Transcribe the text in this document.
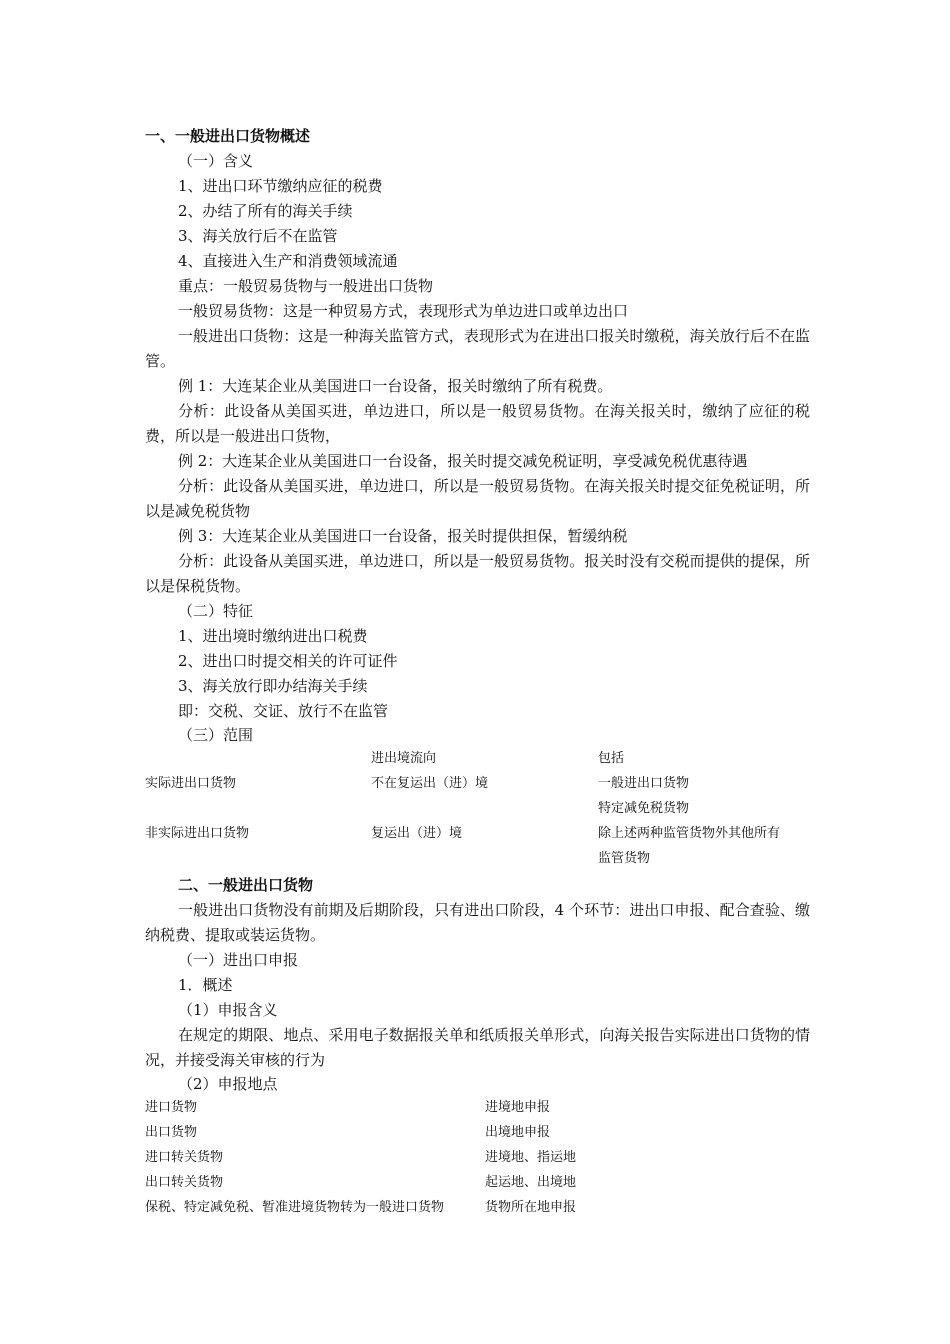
一、一般进出口货物概述
（一）含义
1、进出口环节缴纳应征的税费
2、办结了所有的海关手续
3、海关放行后不在监管
4、直接进入生产和消费领域流通
重点：一般贸易货物与一般进出口货物
一般贸易货物：这是一种贸易方式，表现形式为单边进口或单边出口
一般进出口货物：这是一种海关监管方式，表现形式为在进出口报关时缴税，海关放行后不在监管。
例 1：大连某企业从美国进口一台设备，报关时缴纳了所有税费。
分析：此设备从美国买进，单边进口，所以是一般贸易货物。在海关报关时，缴纳了应征的税费，所以是一般进出口货物，
例 2：大连某企业从美国进口一台设备，报关时提交减免税证明，享受减免税优惠待遇
分析：此设备从美国买进，单边进口，所以是一般贸易货物。在海关报关时提交征免税证明，所以是减免税货物
例 3：大连某企业从美国进口一台设备，报关时提供担保，暂缓纳税
分析：此设备从美国买进，单边进口，所以是一般贸易货物。报关时没有交税而提供的提保，所以是保税货物。
（二）特征
1、进出境时缴纳进出口税费
2、进出口时提交相关的许可证件
3、海关放行即办结海关手续
即：交税、交证、放行不在监管
（三）范围
	进出境流向	包括
实际进出口货物	不在复运出（进）境	一般进出口货物
		特定减免税货物
非实际进出口货物	复运出（进）境	除上述两种监管货物外其他所有
		监管货物
二、一般进出口货物
一般进出口货物没有前期及后期阶段，只有进出口阶段，4 个环节：进出口申报、配合查验、缴纳税费、提取或装运货物。
（一）进出口申报
1．概述
（1）申报含义
在规定的期限、地点、采用电子数据报关单和纸质报关单形式，向海关报告实际进出口货物的情况，并接受海关审核的行为
（2）申报地点
进口货物	进境地申报
出口货物	出境地申报
进口转关货物	进境地、指运地
出口转关货物	起运地、出境地
保税、特定减免税、暂准进境货物转为一般进口货物	货物所在地申报
